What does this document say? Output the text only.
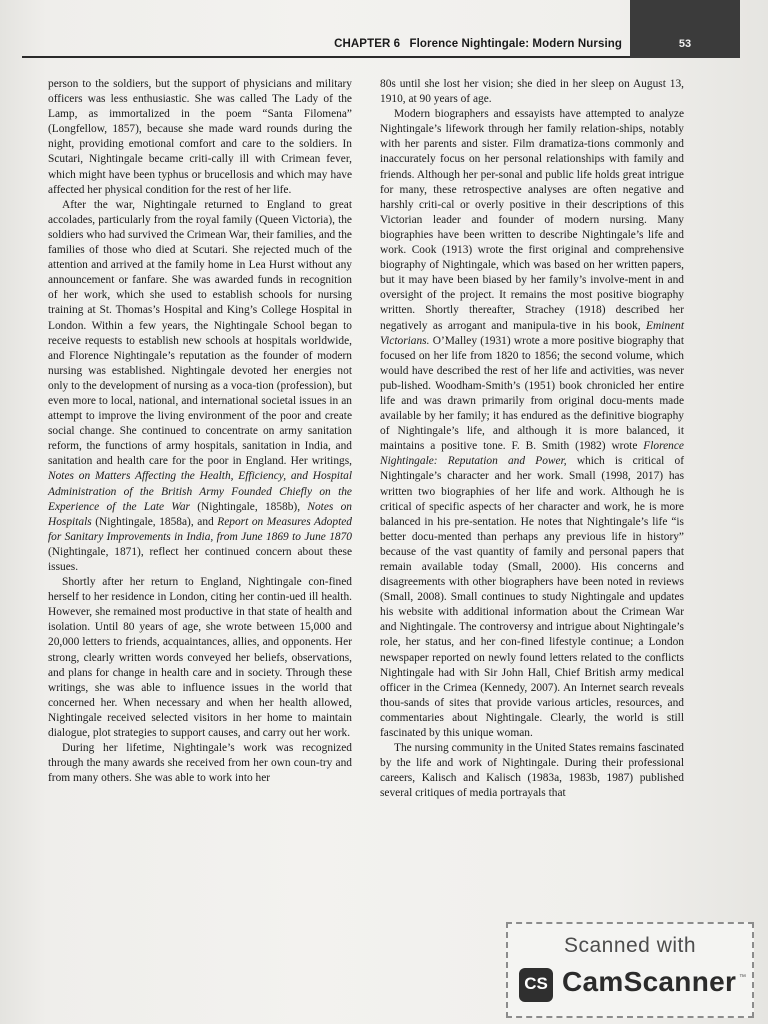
CHAPTER 6 Florence Nightingale: Modern Nursing	53

person to the soldiers, but the support of physicians and military officers was less enthusiastic. She was called The Lady of the Lamp, as immortalized in the poem “Santa Filomena” (Longfellow, 1857), because she made ward rounds during the night, providing emotional comfort and care to the soldiers. In Scutari, Nightingale became criti-cally ill with Crimean fever, which might have been typhus or brucellosis and which may have affected her physical condition for the rest of her life.

After the war, Nightingale returned to England to great accolades, particularly from the royal family (Queen Victoria), the soldiers who had survived the Crimean War, their families, and the families of those who died at Scutari. She rejected much of the attention and arrived at the family home in Lea Hurst without any announcement or fanfare. She was awarded funds in recognition of her work, which she used to establish schools for nursing training at St. Thomas’s Hospital and King’s College Hospital in London. Within a few years, the Nightingale School began to receive requests to establish new schools at hospitals worldwide, and Florence Nightingale’s reputation as the founder of modern nursing was established. Nightingale devoted her energies not only to the development of nursing as a voca-tion (profession), but even more to local, national, and international societal issues in an attempt to improve the living environment of the poor and create social change. She continued to concentrate on army sanitation reform, the functions of army hospitals, sanitation in India, and sanitation and health care for the poor in England. Her writings, Notes on Matters Affecting the Health, Efficiency, and Hospital Administration of the British Army Founded Chiefly on the Experience of the Late War (Nightingale, 1858b), Notes on Hospitals (Nightingale, 1858a), and Report on Measures Adopted for Sanitary Improvements in India, from June 1869 to June 1870 (Nightingale, 1871), reflect her continued concern about these issues.

Shortly after her return to England, Nightingale con-fined herself to her residence in London, citing her contin-ued ill health. However, she remained most productive in that state of health and isolation. Until 80 years of age, she wrote between 15,000 and 20,000 letters to friends, acquaintances, allies, and opponents. Her strong, clearly written words conveyed her beliefs, observations, and plans for change in health care and in society. Through these writings, she was able to influence issues in the world that concerned her. When necessary and when her health allowed, Nightingale received selected visitors in her home to maintain dialogue, plot strategies to support causes, and carry out her work.

During her lifetime, Nightingale’s work was recognized through the many awards she received from her own coun-try and from many others. She was able to work into her

80s until she lost her vision; she died in her sleep on August 13, 1910, at 90 years of age.

Modern biographers and essayists have attempted to analyze Nightingale’s lifework through her family relation-ships, notably with her parents and sister. Film dramatiza-tions commonly and inaccurately focus on her personal relationships with family and friends. Although her per-sonal and public life holds great intrigue for many, these retrospective analyses are often negative and harshly criti-cal or overly positive in their descriptions of this Victorian leader and founder of modern nursing. Many biographies have been written to describe Nightingale’s life and work. Cook (1913) wrote the first original and comprehensive biography of Nightingale, which was based on her written papers, but it may have been biased by her family’s involve-ment in and oversight of the project. It remains the most positive biography written. Shortly thereafter, Strachey (1918) described her negatively as arrogant and manipula-tive in his book, Eminent Victorians. O’Malley (1931) wrote a more positive biography that focused on her life from 1820 to 1856; the second volume, which would have described the rest of her life and activities, was never pub-lished. Woodham-Smith’s (1951) book chronicled her entire life and was drawn primarily from original docu-ments made available by her family; it has endured as the definitive biography of Nightingale’s life, and although it is more balanced, it maintains a positive tone. F. B. Smith (1982) wrote Florence Nightingale: Reputation and Power, which is critical of Nightingale’s character and her work. Small (1998, 2017) has written two biographies of her life and work. Although he is critical of specific aspects of her character and work, he is more balanced in his pre-sentation. He notes that Nightingale’s life “is better docu-mented than perhaps any previous life in history” because of the vast quantity of family and personal papers that remain available today (Small, 2000). His concerns and disagreements with other biographers have been noted in reviews (Small, 2008). Small continues to study Nightingale and updates his website with additional information about the Crimean War and Nightingale. The controversy and intrigue about Nightingale’s role, her status, and her con-fined lifestyle continue; a London newspaper reported on newly found letters related to the conflicts Nightingale had with Sir John Hall, Chief British army medical officer in the Crimea (Kennedy, 2007). An Internet search reveals thou-sands of sites that provide various articles, resources, and commentaries about Nightingale. Clearly, the world is still fascinated by this unique woman.

The nursing community in the United States remains fascinated by the life and work of Nightingale. During their professional careers, Kalisch and Kalisch (1983a, 1983b, 1987) published several critiques of media portrayals that

Scanned with
CS CamScanner ™
